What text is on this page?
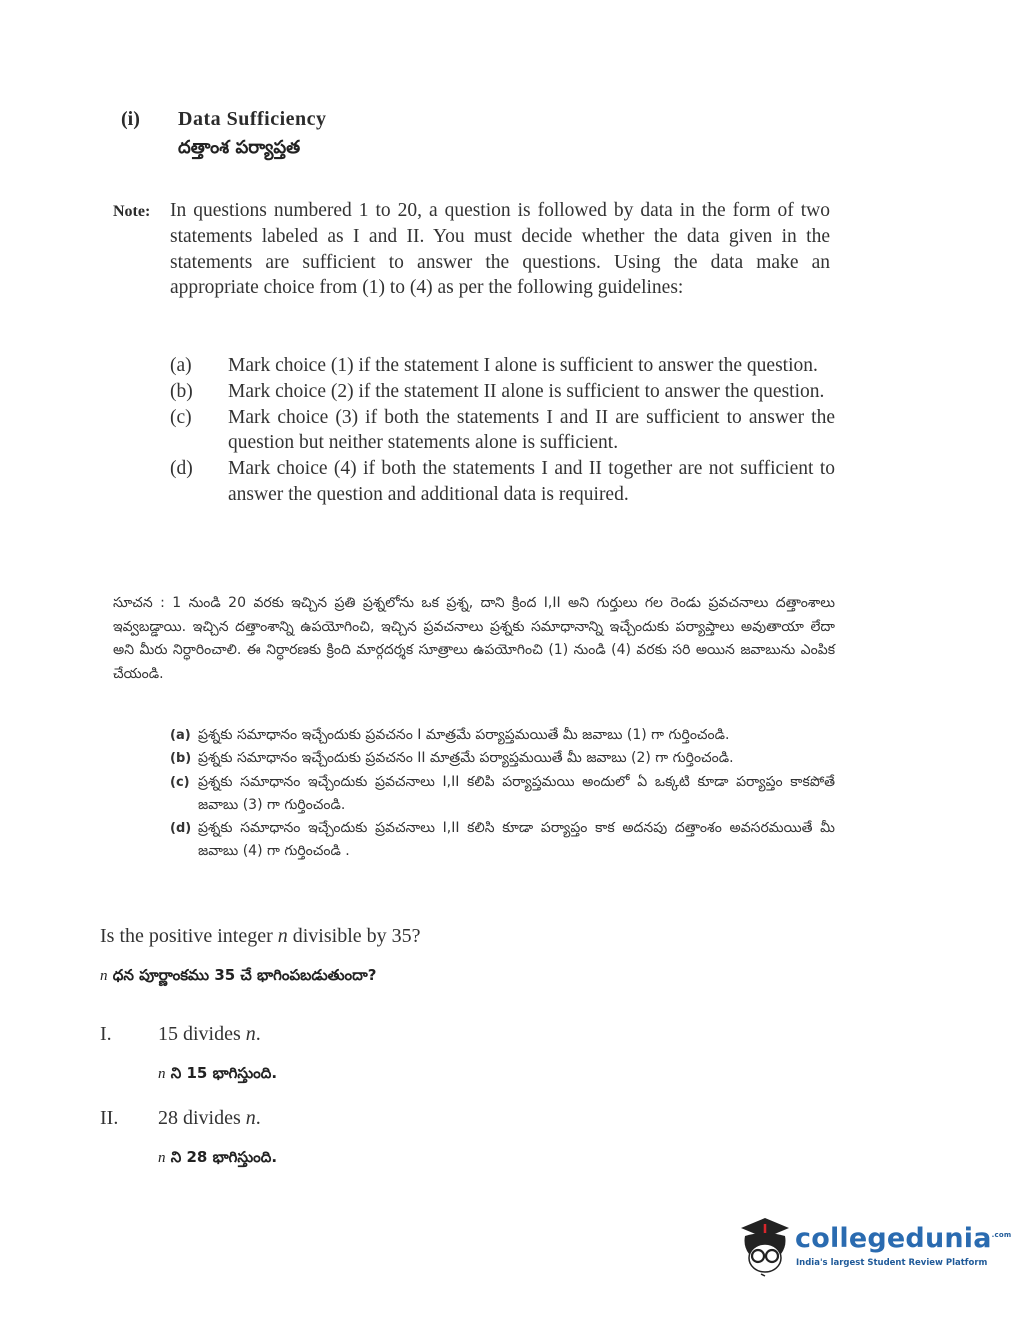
(i) Data Sufficiency
దత్తాంశ పర్యాప్తత
Note: In questions numbered 1 to 20, a question is followed by data in the form of two statements labeled as I and II. You must decide whether the data given in the statements are sufficient to answer the questions. Using the data make an appropriate choice from (1) to (4) as per the following guidelines:
(a)	Mark choice (1) if the statement I alone is sufficient to answer the question.
(b)	Mark choice (2) if the statement II alone is sufficient to answer the question.
(c)	Mark choice (3) if both the statements I and II are sufficient to answer the question but neither statements alone is sufficient.
(d)	Mark choice (4) if both the statements I and II together are not sufficient to answer the question and additional data is required.
సూచన : 1 నుండి 20 వరకు ఇచ్చిన ప్రతి ప్రశ్నలోను ఒక ప్రశ్న, దాని క్రింద I,II అని గుర్తులు గల రెండు ప్రవచనాలు దత్తాంశాలు ఇవ్వబడ్డాయి. ఇచ్చిన దత్తాంశాన్ని ఉపయోగించి, ఇచ్చిన ప్రవచనాలు ప్రశ్నకు సమాధానాన్ని ఇచ్చేందుకు పర్యాప్తాలు అవుతాయా లేదా అని మీరు నిర్ధారించాలి. ఈ నిర్ధారణకు క్రింది మార్గదర్శక సూత్రాలు ఉపయోగించి (1) నుండి (4) వరకు సరి అయిన జవాబును ఎంపిక చేయండి.
(a) ప్రశ్నకు సమాధానం ఇచ్చేందుకు ప్రవచనం I మాత్రమే పర్యాప్తమయితే మీ జవాబు (1) గా గుర్తించండి.
(b) ప్రశ్నకు సమాధానం ఇచ్చేందుకు ప్రవచనం II మాత్రమే పర్యాప్తమయితే మీ జవాబు (2) గా గుర్తించండి.
(c) ప్రశ్నకు సమాధానం ఇచ్చేందుకు ప్రవచనాలు I,II కలిపి పర్యాప్తమయి అందులో ఏ ఒక్కటి కూడా పర్యాప్తం కాకపోతే జవాబు (3) గా గుర్తించండి.
(d) ప్రశ్నకు సమాధానం ఇచ్చేందుకు ప్రవచనాలు I,II కలిసి కూడా పర్యాప్తం కాక అదనపు దత్తాంశం అవసరమయితే మీ జవాబు (4) గా గుర్తించండి .
Is the positive integer n divisible by 35?
n ధన పూర్ణాంకము 35 చే భాగింపబడుతుందా?
I. 15 divides n.
n ని 15 భాగిస్తుంది.
II. 28 divides n.
n ని 28 భాగిస్తుంది.
collegedunia$^{.com}$
India's largest Student Review Platform
